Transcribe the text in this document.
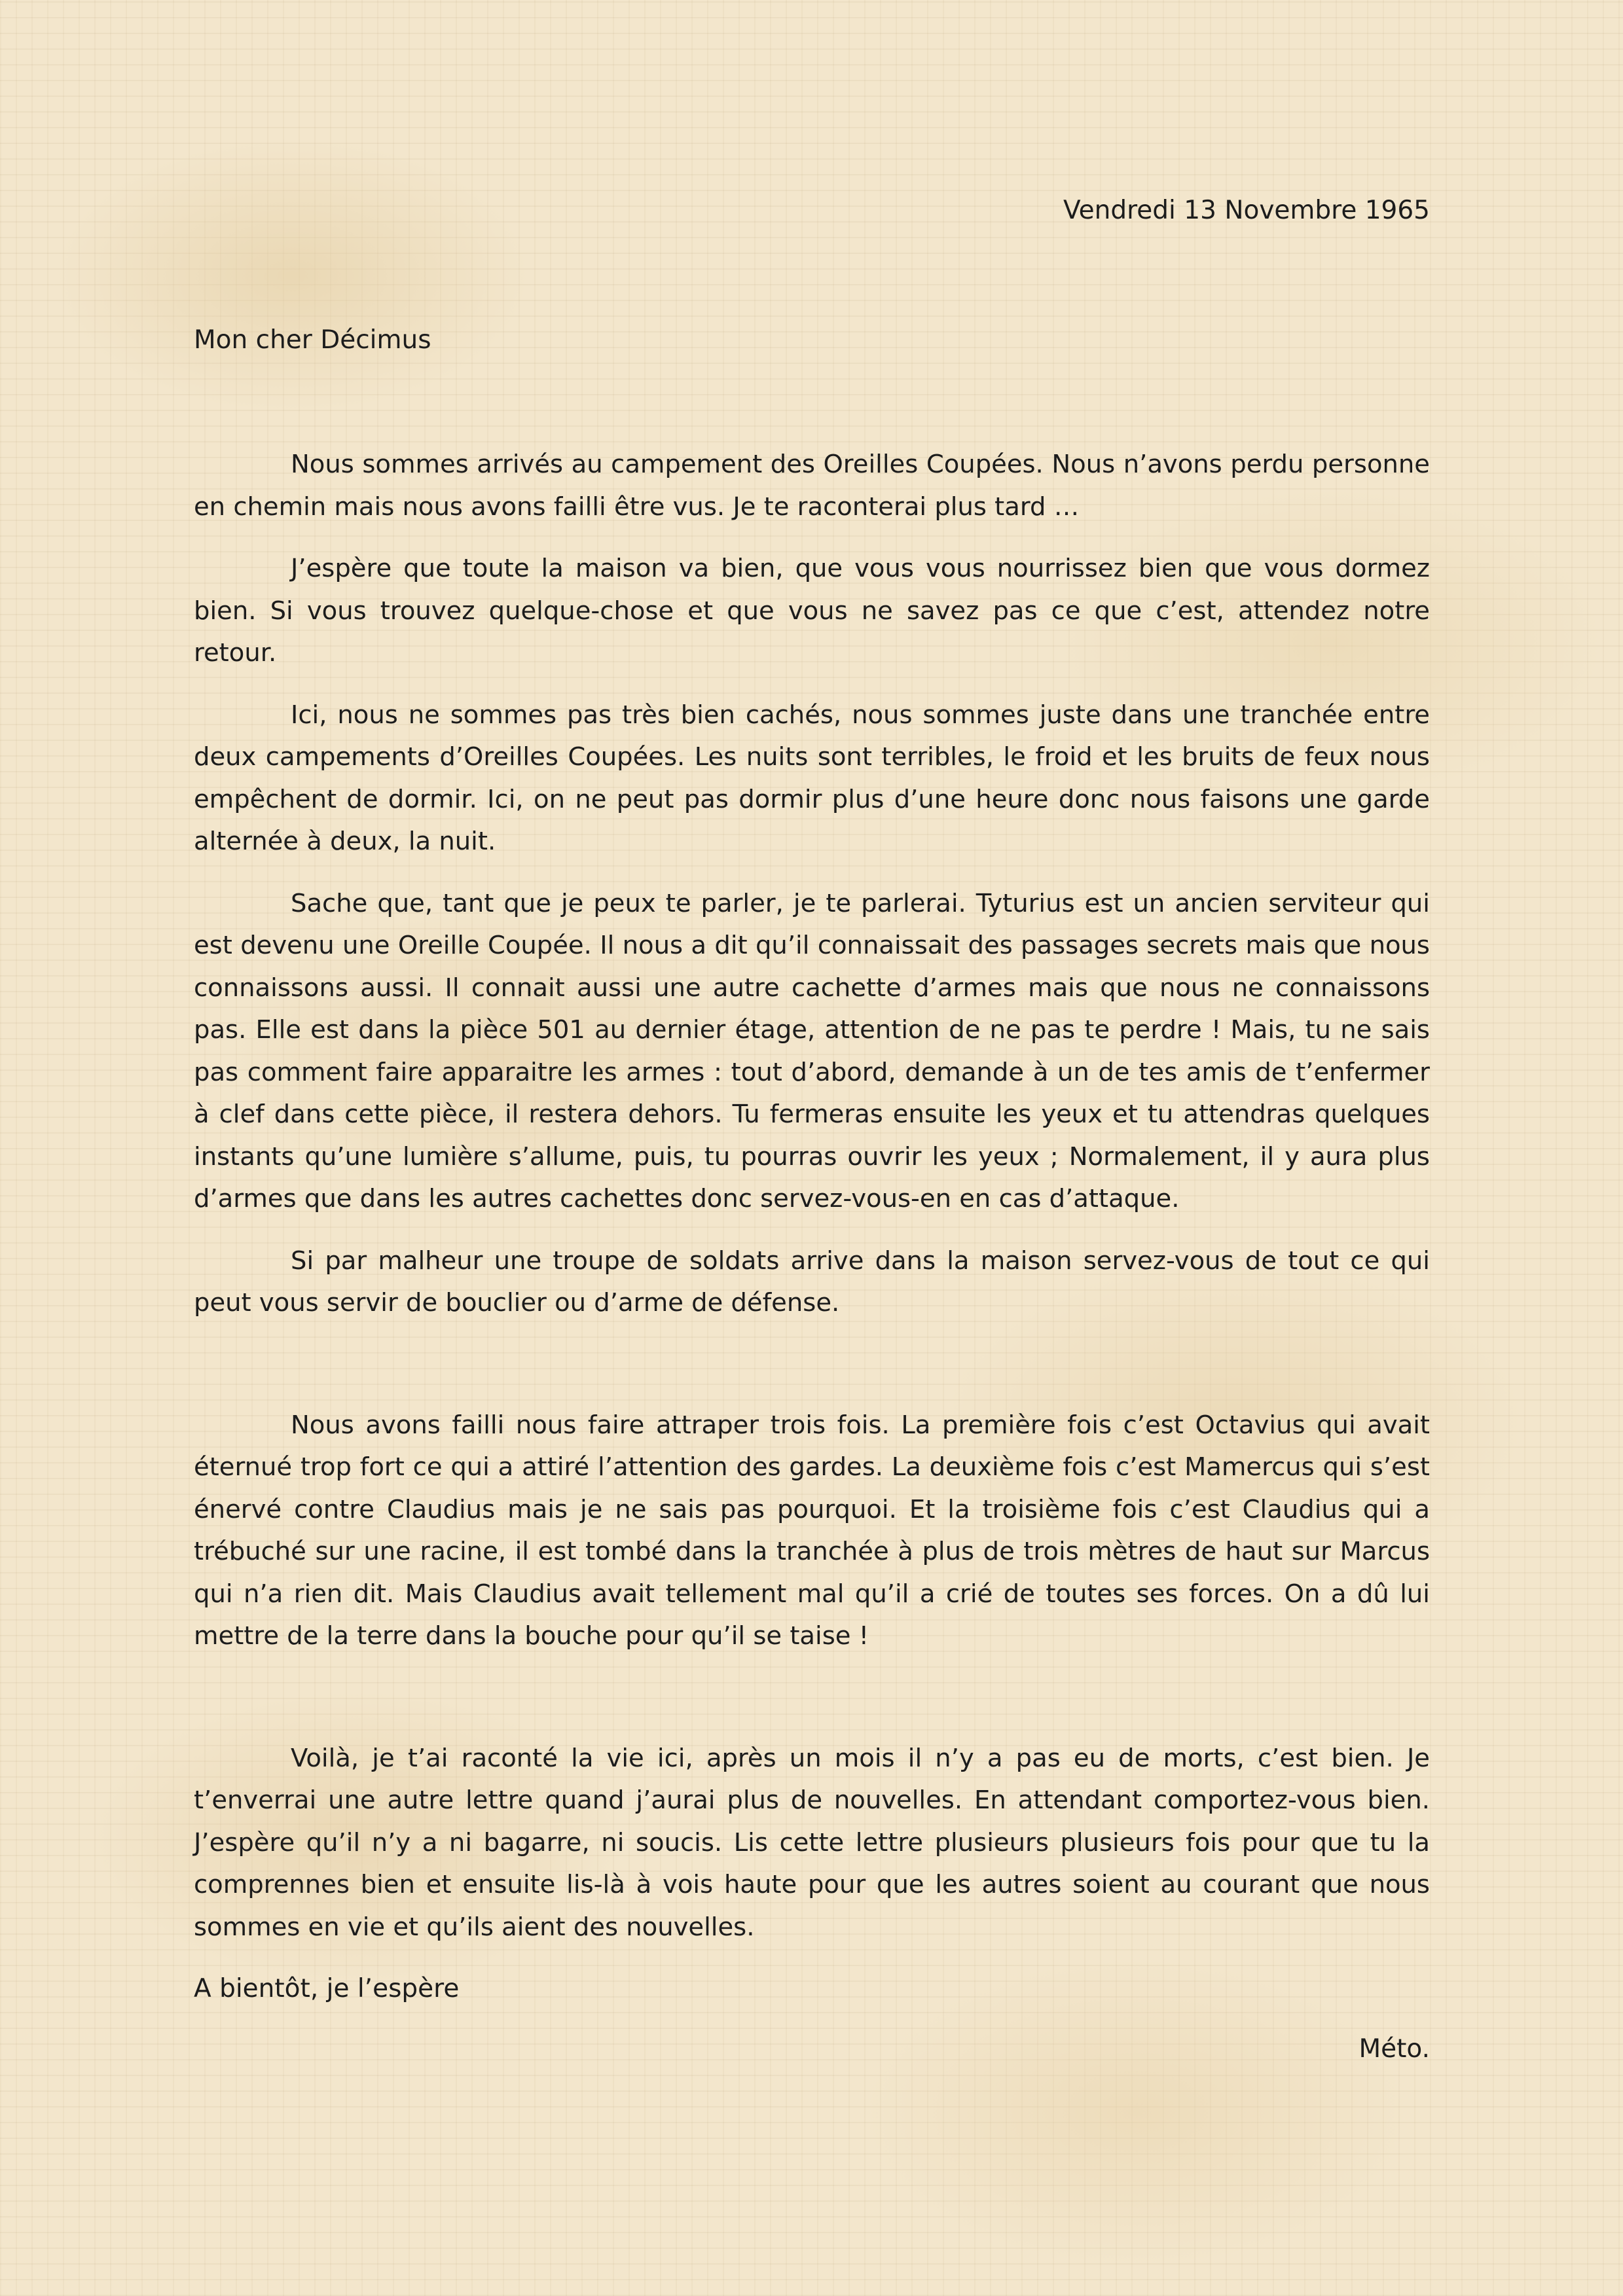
Vendredi 13 Novembre 1965

Mon cher Décimus

Nous sommes arrivés au campement des Oreilles Coupées. Nous n’avons perdu personne en chemin mais nous avons failli être vus. Je te raconterai plus tard …

J’espère que toute la maison va bien, que vous vous nourrissez bien que vous dormez bien. Si vous trouvez quelque-chose et que vous ne savez pas ce que c’est, attendez notre retour.

Ici, nous ne sommes pas très bien cachés, nous sommes juste dans une tranchée entre deux campements d’Oreilles Coupées. Les nuits sont terribles, le froid et les bruits de feux nous empêchent de dormir. Ici, on ne peut pas dormir plus d’une heure donc nous faisons une garde alternée à deux, la nuit.

Sache que, tant que je peux te parler, je te parlerai. Tyturius est un ancien serviteur qui est devenu une Oreille Coupée. Il nous a dit qu’il connaissait des passages secrets mais que nous connaissons aussi. Il connait aussi une autre cachette d’armes mais que nous ne connaissons pas. Elle est dans la pièce 501 au dernier étage, attention de ne pas te perdre ! Mais, tu ne sais pas comment faire apparaitre les armes : tout d’abord, demande à un de tes amis de t’enfermer à clef dans cette pièce, il restera dehors. Tu fermeras ensuite les yeux et tu attendras quelques instants qu’une lumière s’allume, puis, tu pourras ouvrir les yeux ; Normalement, il y aura plus d’armes que dans les autres cachettes donc servez-vous-en en cas d’attaque.

Si par malheur une troupe de soldats arrive dans la maison servez-vous de tout ce qui peut vous servir de bouclier ou d’arme de défense.

Nous avons failli nous faire attraper trois fois. La première fois c’est Octavius qui avait éternué trop fort ce qui a attiré l’attention des gardes. La deuxième fois c’est Mamercus qui s’est énervé contre Claudius mais je ne sais pas pourquoi. Et la troisième fois c’est Claudius qui a trébuché sur une racine, il est tombé dans la tranchée à plus de trois mètres de haut sur Marcus qui n’a rien dit. Mais Claudius avait tellement mal qu’il a crié de toutes ses forces. On a dû lui mettre de la terre dans la bouche pour qu’il se taise !

Voilà, je t’ai raconté la vie ici, après un mois il n’y a pas eu de morts, c’est bien. Je t’enverrai une autre lettre quand j’aurai plus de nouvelles. En attendant comportez-vous bien. J’espère qu’il n’y a ni bagarre, ni soucis. Lis cette lettre plusieurs plusieurs fois pour que tu la comprennes bien et ensuite lis-là à vois haute pour que les autres soient au courant que nous sommes en vie et qu’ils aient des nouvelles.

A bientôt, je l’espère

Méto.
